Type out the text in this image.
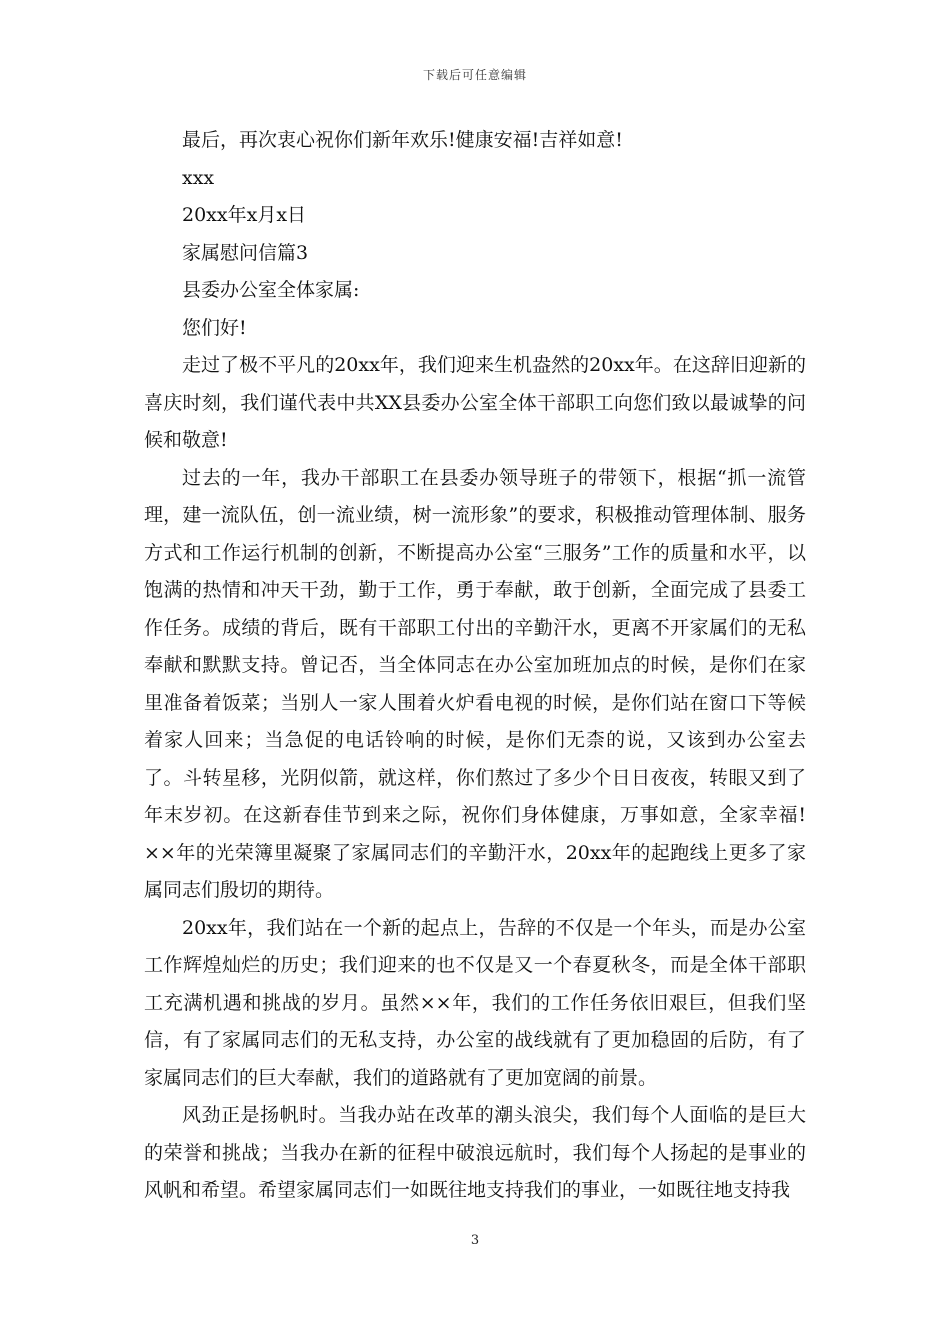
下载后可任意编辑

最后，再次衷心祝你们新年欢乐!健康安福!吉祥如意!

xxx

20xx年x月x日

家属慰问信篇3

县委办公室全体家属:

您们好!

走过了极不平凡的20xx年，我们迎来生机盎然的20xx年。在这辞旧迎新的喜庆时刻，我们谨代表中共XX县委办公室全体干部职工向您们致以最诚挚的问候和敬意!

过去的一年，我办干部职工在县委办领导班子的带领下，根据“抓一流管理，建一流队伍，创一流业绩，树一流形象”的要求，积极推动管理体制、服务方式和工作运行机制的创新，不断提高办公室“三服务”工作的质量和水平，以饱满的热情和冲天干劲，勤于工作，勇于奉献，敢于创新，全面完成了县委工作任务。成绩的背后，既有干部职工付出的辛勤汗水，更离不开家属们的无私奉献和默默支持。曾记否，当全体同志在办公室加班加点的时候，是你们在家里准备着饭菜；当别人一家人围着火炉看电视的时候，是你们站在窗口下等候着家人回来；当急促的电话铃响的时候，是你们无柰的说，又该到办公室去了。斗转星移，光阴似箭，就这样，你们熬过了多少个日日夜夜，转眼又到了年末岁初。在这新春佳节到来之际，祝你们身体健康，万事如意，全家幸福!××年的光荣簿里凝聚了家属同志们的辛勤汗水，20xx年的起跑线上更多了家属同志们殷切的期待。

20xx年，我们站在一个新的起点上，告辞的不仅是一个年头，而是办公室工作辉煌灿烂的历史；我们迎来的也不仅是又一个春夏秋冬，而是全体干部职工充满机遇和挑战的岁月。虽然××年，我们的工作任务依旧艰巨，但我们坚信，有了家属同志们的无私支持，办公室的战线就有了更加稳固的后防，有了家属同志们的巨大奉献，我们的道路就有了更加宽阔的前景。

风劲正是扬帆时。当我办站在改革的潮头浪尖，我们每个人面临的是巨大的荣誉和挑战；当我办在新的征程中破浪远航时，我们每个人扬起的是事业的风帆和希望。希望家属同志们一如既往地支持我们的事业，一如既往地支持我

3
